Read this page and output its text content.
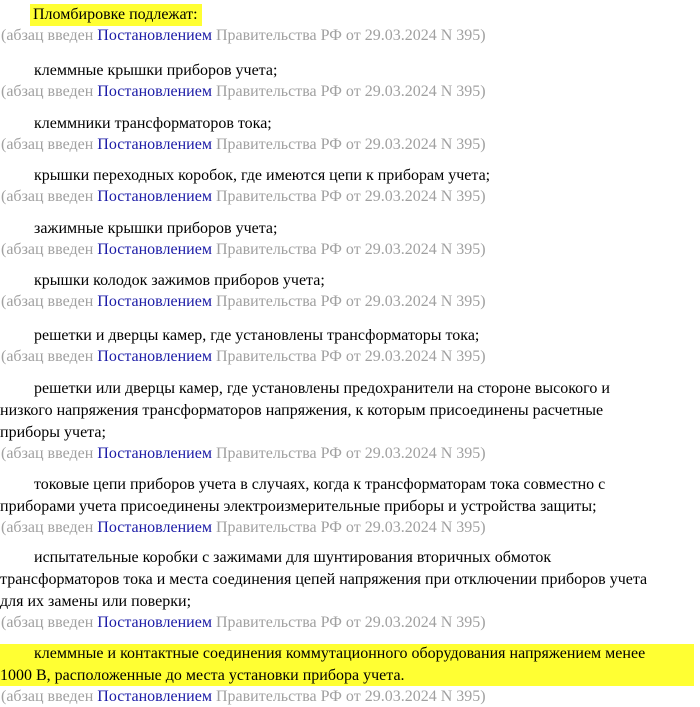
Пломбировке подлежат:

(абзац введен Постановлением Правительства РФ от 29.03.2024 N 395)

клеммные крышки приборов учета;

(абзац введен Постановлением Правительства РФ от 29.03.2024 N 395)

клеммники трансформаторов тока;

(абзац введен Постановлением Правительства РФ от 29.03.2024 N 395)

крышки переходных коробок, где имеются цепи к приборам учета;

(абзац введен Постановлением Правительства РФ от 29.03.2024 N 395)

зажимные крышки приборов учета;

(абзац введен Постановлением Правительства РФ от 29.03.2024 N 395)

крышки колодок зажимов приборов учета;

(абзац введен Постановлением Правительства РФ от 29.03.2024 N 395)

решетки и дверцы камер, где установлены трансформаторы тока;

(абзац введен Постановлением Правительства РФ от 29.03.2024 N 395)

решетки или дверцы камер, где установлены предохранители на стороне высокого и

низкого напряжения трансформаторов напряжения, к которым присоединены расчетные

приборы учета;

(абзац введен Постановлением Правительства РФ от 29.03.2024 N 395)

токовые цепи приборов учета в случаях, когда к трансформаторам тока совместно с

приборами учета присоединены электроизмерительные приборы и устройства защиты;

(абзац введен Постановлением Правительства РФ от 29.03.2024 N 395)

испытательные коробки с зажимами для шунтирования вторичных обмоток

трансформаторов тока и места соединения цепей напряжения при отключении приборов учета

для их замены или поверки;

(абзац введен Постановлением Правительства РФ от 29.03.2024 N 395)

клеммные и контактные соединения коммутационного оборудования напряжением менее

1000 В, расположенные до места установки прибора учета.

(абзац введен Постановлением Правительства РФ от 29.03.2024 N 395)
